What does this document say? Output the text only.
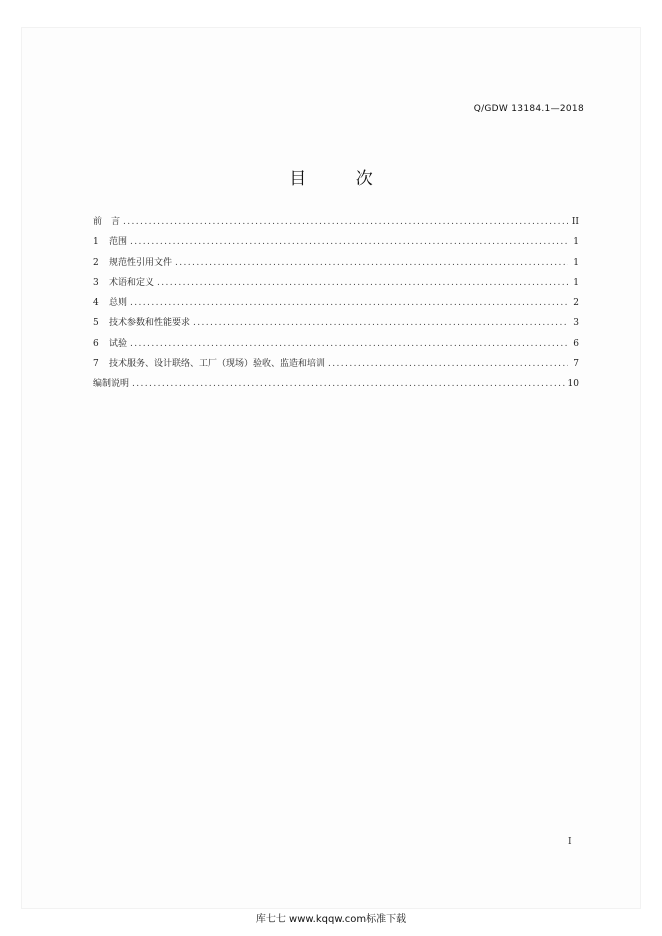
Q/GDW 13184.1—2018
目 次
前　言 .....	II
1	范围 .....	1
2	规范性引用文件 .....	1
3	术语和定义 .....	1
4	总则 .....	2
5	技术参数和性能要求 .....	3
6	试验 .....	6
7	技术服务、设计联络、工厂（现场）验收、监造和培训 .....	7
编制说明 .....	10
I
库七七 www.kqqw.com标准下载
